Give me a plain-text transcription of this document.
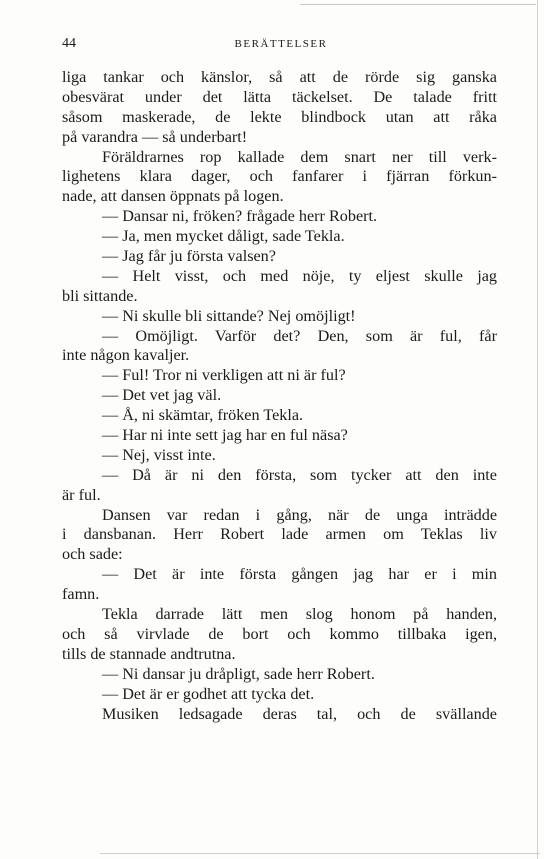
44	BERÄTTELSER
liga tankar och känslor, så att de rörde sig ganska
obesvärat under det lätta täckelset. De talade fritt
såsom maskerade, de lekte blindbock utan att råka
på varandra — så underbart!
Föräldrarnes rop kallade dem snart ner till verk-
lighetens klara dager, och fanfarer i fjärran förkun-
nade, att dansen öppnats på logen.
— Dansar ni, fröken? frågade herr Robert.
— Ja, men mycket dåligt, sade Tekla.
— Jag får ju första valsen?
— Helt visst, och med nöje, ty eljest skulle jag
bli sittande.
— Ni skulle bli sittande? Nej omöjligt!
— Omöjligt. Varför det? Den, som är ful, får
inte någon kavaljer.
— Ful! Tror ni verkligen att ni är ful?
— Det vet jag väl.
— Å, ni skämtar, fröken Tekla.
— Har ni inte sett jag har en ful näsa?
— Nej, visst inte.
— Då är ni den första, som tycker att den inte
är ful.
Dansen var redan i gång, när de unga inträdde
i dansbanan. Herr Robert lade armen om Teklas liv
och sade:
— Det är inte första gången jag har er i min
famn.
Tekla darrade lätt men slog honom på handen,
och så virvlade de bort och kommo tillbaka igen,
tills de stannade andtrutna.
— Ni dansar ju dråpligt, sade herr Robert.
— Det är er godhet att tycka det.
Musiken ledsagade deras tal, och de svällande
